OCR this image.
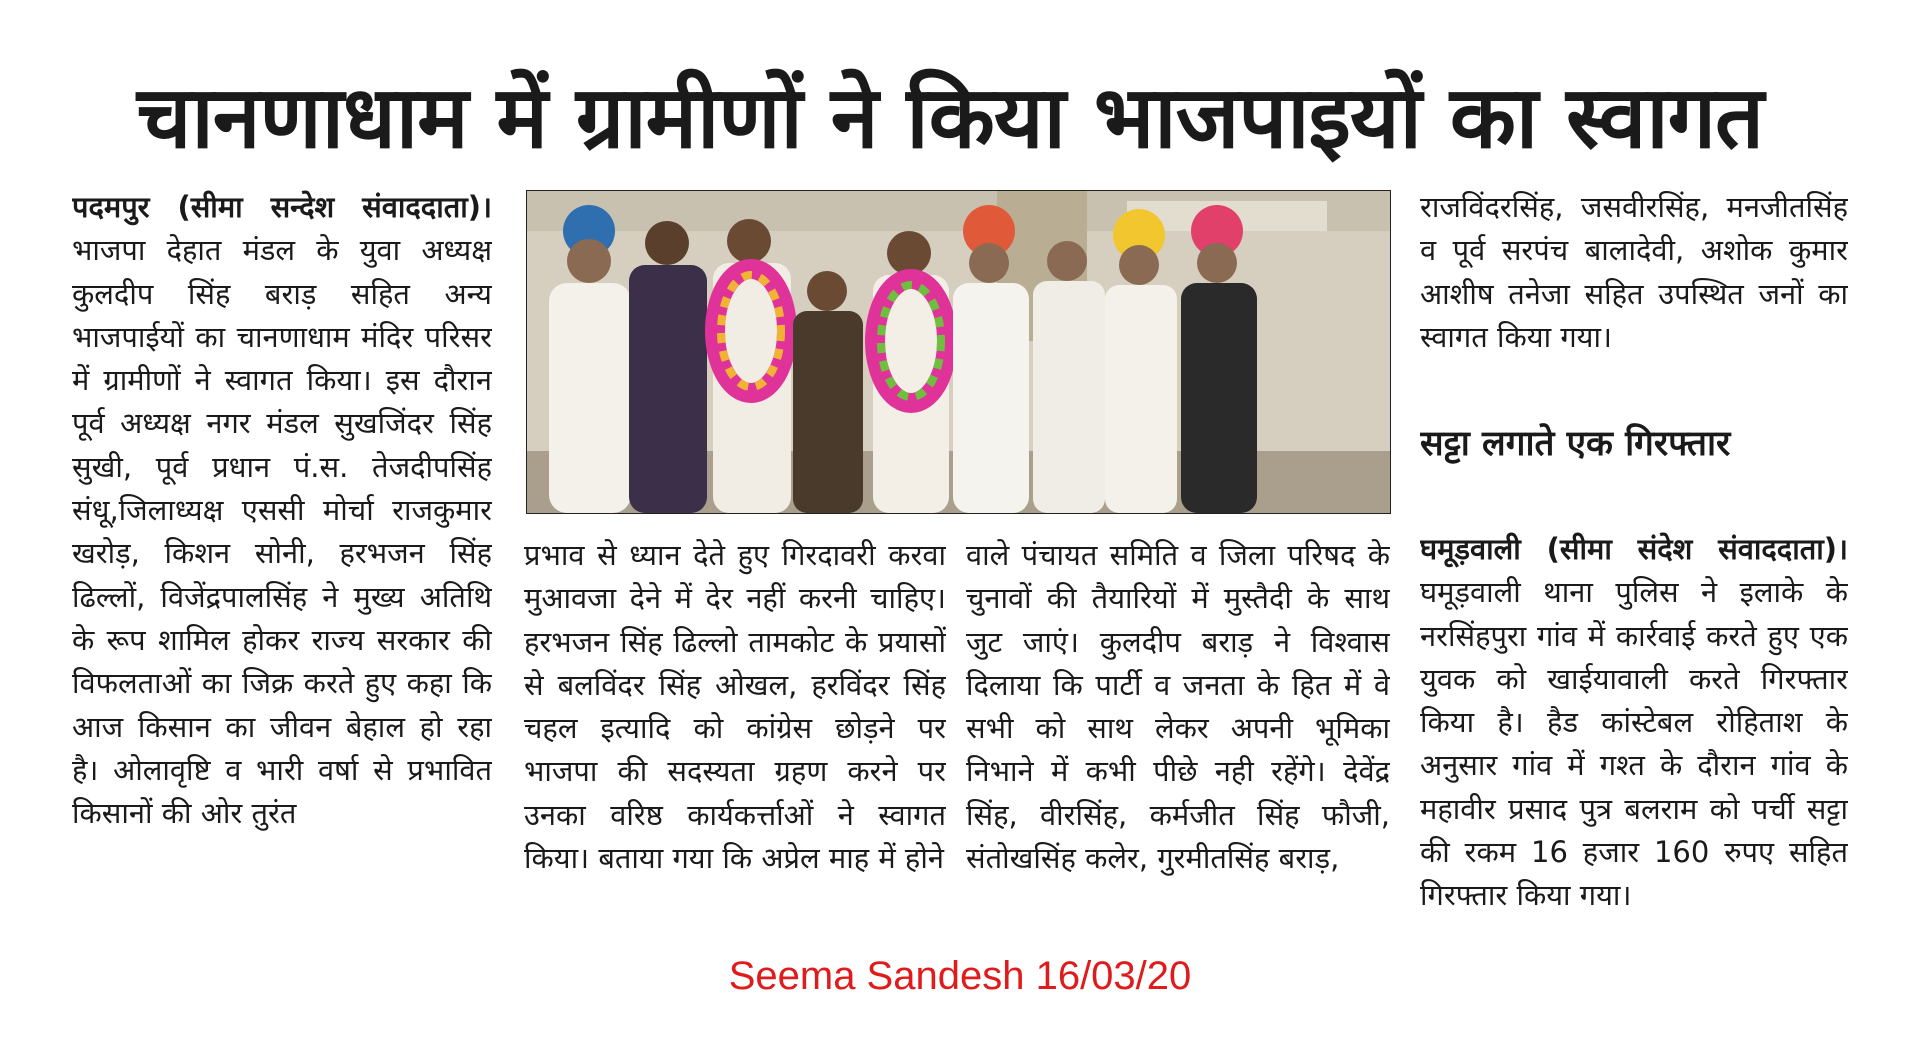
चानणाधाम में ग्रामीणों ने किया भाजपाइयों का स्वागत

पदमपुर (सीमा सन्देश संवाददाता)। भाजपा देहात मंडल के युवा अध्यक्ष कुलदीप सिंह बराड़ सहित अन्य भाजपाईयों का चानणाधाम मंदिर परिसर में ग्रामीणों ने स्वागत किया। इस दौरान पूर्व अध्यक्ष नगर मंडल सुखजिंदर सिंह सुखी, पूर्व प्रधान पं.स. तेजदीपसिंह संधू,जिलाध्यक्ष एससी मोर्चा राजकुमार खरोड़, किशन सोनी, हरभजन सिंह ढिल्लों, विजेंद्रपालसिंह ने मुख्य अतिथि के रूप शामिल होकर राज्य सरकार की विफलताओं का जिक्र करते हुए कहा कि आज किसान का जीवन बेहाल हो रहा है। ओलावृष्टि व भारी वर्षा से प्रभावित किसानों की ओर तुरंत

प्रभाव से ध्यान देते हुए गिरदावरी करवा मुआवजा देने में देर नहीं करनी चाहिए। हरभजन सिंह ढिल्लो तामकोट के प्रयासों से बलविंदर सिंह ओखल, हरविंदर सिंह चहल इत्यादि को कांग्रेस छोड़ने पर भाजपा की सदस्यता ग्रहण करने पर उनका वरिष्ठ कार्यकर्त्ताओं ने स्वागत किया। बताया गया कि अप्रेल माह में होने

वाले पंचायत समिति व जिला परिषद के चुनावों की तैयारियों में मुस्तैदी के साथ जुट जाएं। कुलदीप बराड़ ने विश्वास दिलाया कि पार्टी व जनता के हित में वे सभी को साथ लेकर अपनी भूमिका निभाने में कभी पीछे नही रहेंगे। देवेंद्र सिंह, वीरसिंह, कर्मजीत सिंह फौजी, संतोखसिंह कलेर, गुरमीतसिंह बराड़,

राजविंदरसिंह, जसवीरसिंह, मनजीतसिंह व पूर्व सरपंच बालादेवी, अशोक कुमार आशीष तनेजा सहित उपस्थित जनों का स्वागत किया गया।

सट्टा लगाते एक गिरफ्तार

घमूड़वाली (सीमा संदेश संवाददाता)। घमूड़वाली थाना पुलिस ने इलाके के नरसिंहपुरा गांव में कार्रवाई करते हुए एक युवक को खाईयावाली करते गिरफ्तार किया है। हैड कांस्टेबल रोहिताश के अनुसार गांव में गश्त के दौरान गांव के महावीर प्रसाद पुत्र बलराम को पर्ची सट्टा की रकम 16 हजार 160 रुपए सहित गिरफ्तार किया गया।

Seema Sandesh 16/03/20
